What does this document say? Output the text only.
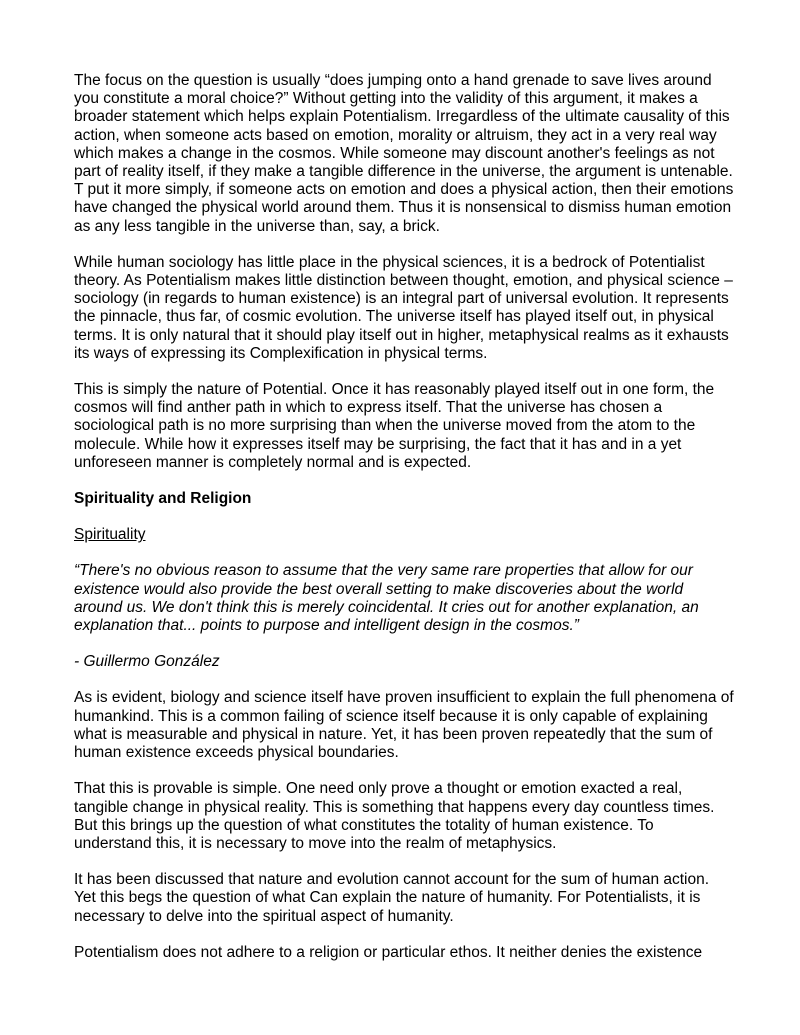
The focus on the question is usually “does jumping onto a hand grenade to save lives around you constitute a moral choice?” Without getting into the validity of this argument, it makes a broader statement which helps explain Potentialism. Irregardless of the ultimate causality of this action, when someone acts based on emotion, morality or altruism, they act in a very real way which makes a change in the cosmos. While someone may discount another's feelings as not part of reality itself, if they make a tangible difference in the universe, the argument is untenable. T put it more simply, if someone acts on emotion and does a physical action, then their emotions have changed the physical world around them. Thus it is nonsensical to dismiss human emotion as any less tangible in the universe than, say, a brick.

While human sociology has little place in the physical sciences, it is a bedrock of Potentialist theory. As Potentialism makes little distinction between thought, emotion, and physical science – sociology (in regards to human existence) is an integral part of universal evolution. It represents the pinnacle, thus far, of cosmic evolution. The universe itself has played itself out, in physical terms. It is only natural that it should play itself out in higher, metaphysical realms as it exhausts its ways of expressing its Complexification in physical terms.

This is simply the nature of Potential. Once it has reasonably played itself out in one form, the cosmos will find anther path in which to express itself. That the universe has chosen a sociological path is no more surprising than when the universe moved from the atom to the molecule. While how it expresses itself may be surprising, the fact that it has and in a yet unforeseen manner is completely normal and is expected.

Spirituality and Religion

Spirituality

“There's no obvious reason to assume that the very same rare properties that allow for our existence would also provide the best overall setting to make discoveries about the world around us. We don't think this is merely coincidental. It cries out for another explanation, an explanation that... points to purpose and intelligent design in the cosmos.”

- Guillermo González

As is evident, biology and science itself have proven insufficient to explain the full phenomena of humankind. This is a common failing of science itself because it is only capable of explaining what is measurable and physical in nature. Yet, it has been proven repeatedly that the sum of human existence exceeds physical boundaries.

That this is provable is simple. One need only prove a thought or emotion exacted a real, tangible change in physical reality. This is something that happens every day countless times. But this brings up the question of what constitutes the totality of human existence. To understand this, it is necessary to move into the realm of metaphysics.

It has been discussed that nature and evolution cannot account for the sum of human action. Yet this begs the question of what Can explain the nature of humanity. For Potentialists, it is necessary to delve into the spiritual aspect of humanity.

Potentialism does not adhere to a religion or particular ethos. It neither denies the existence
